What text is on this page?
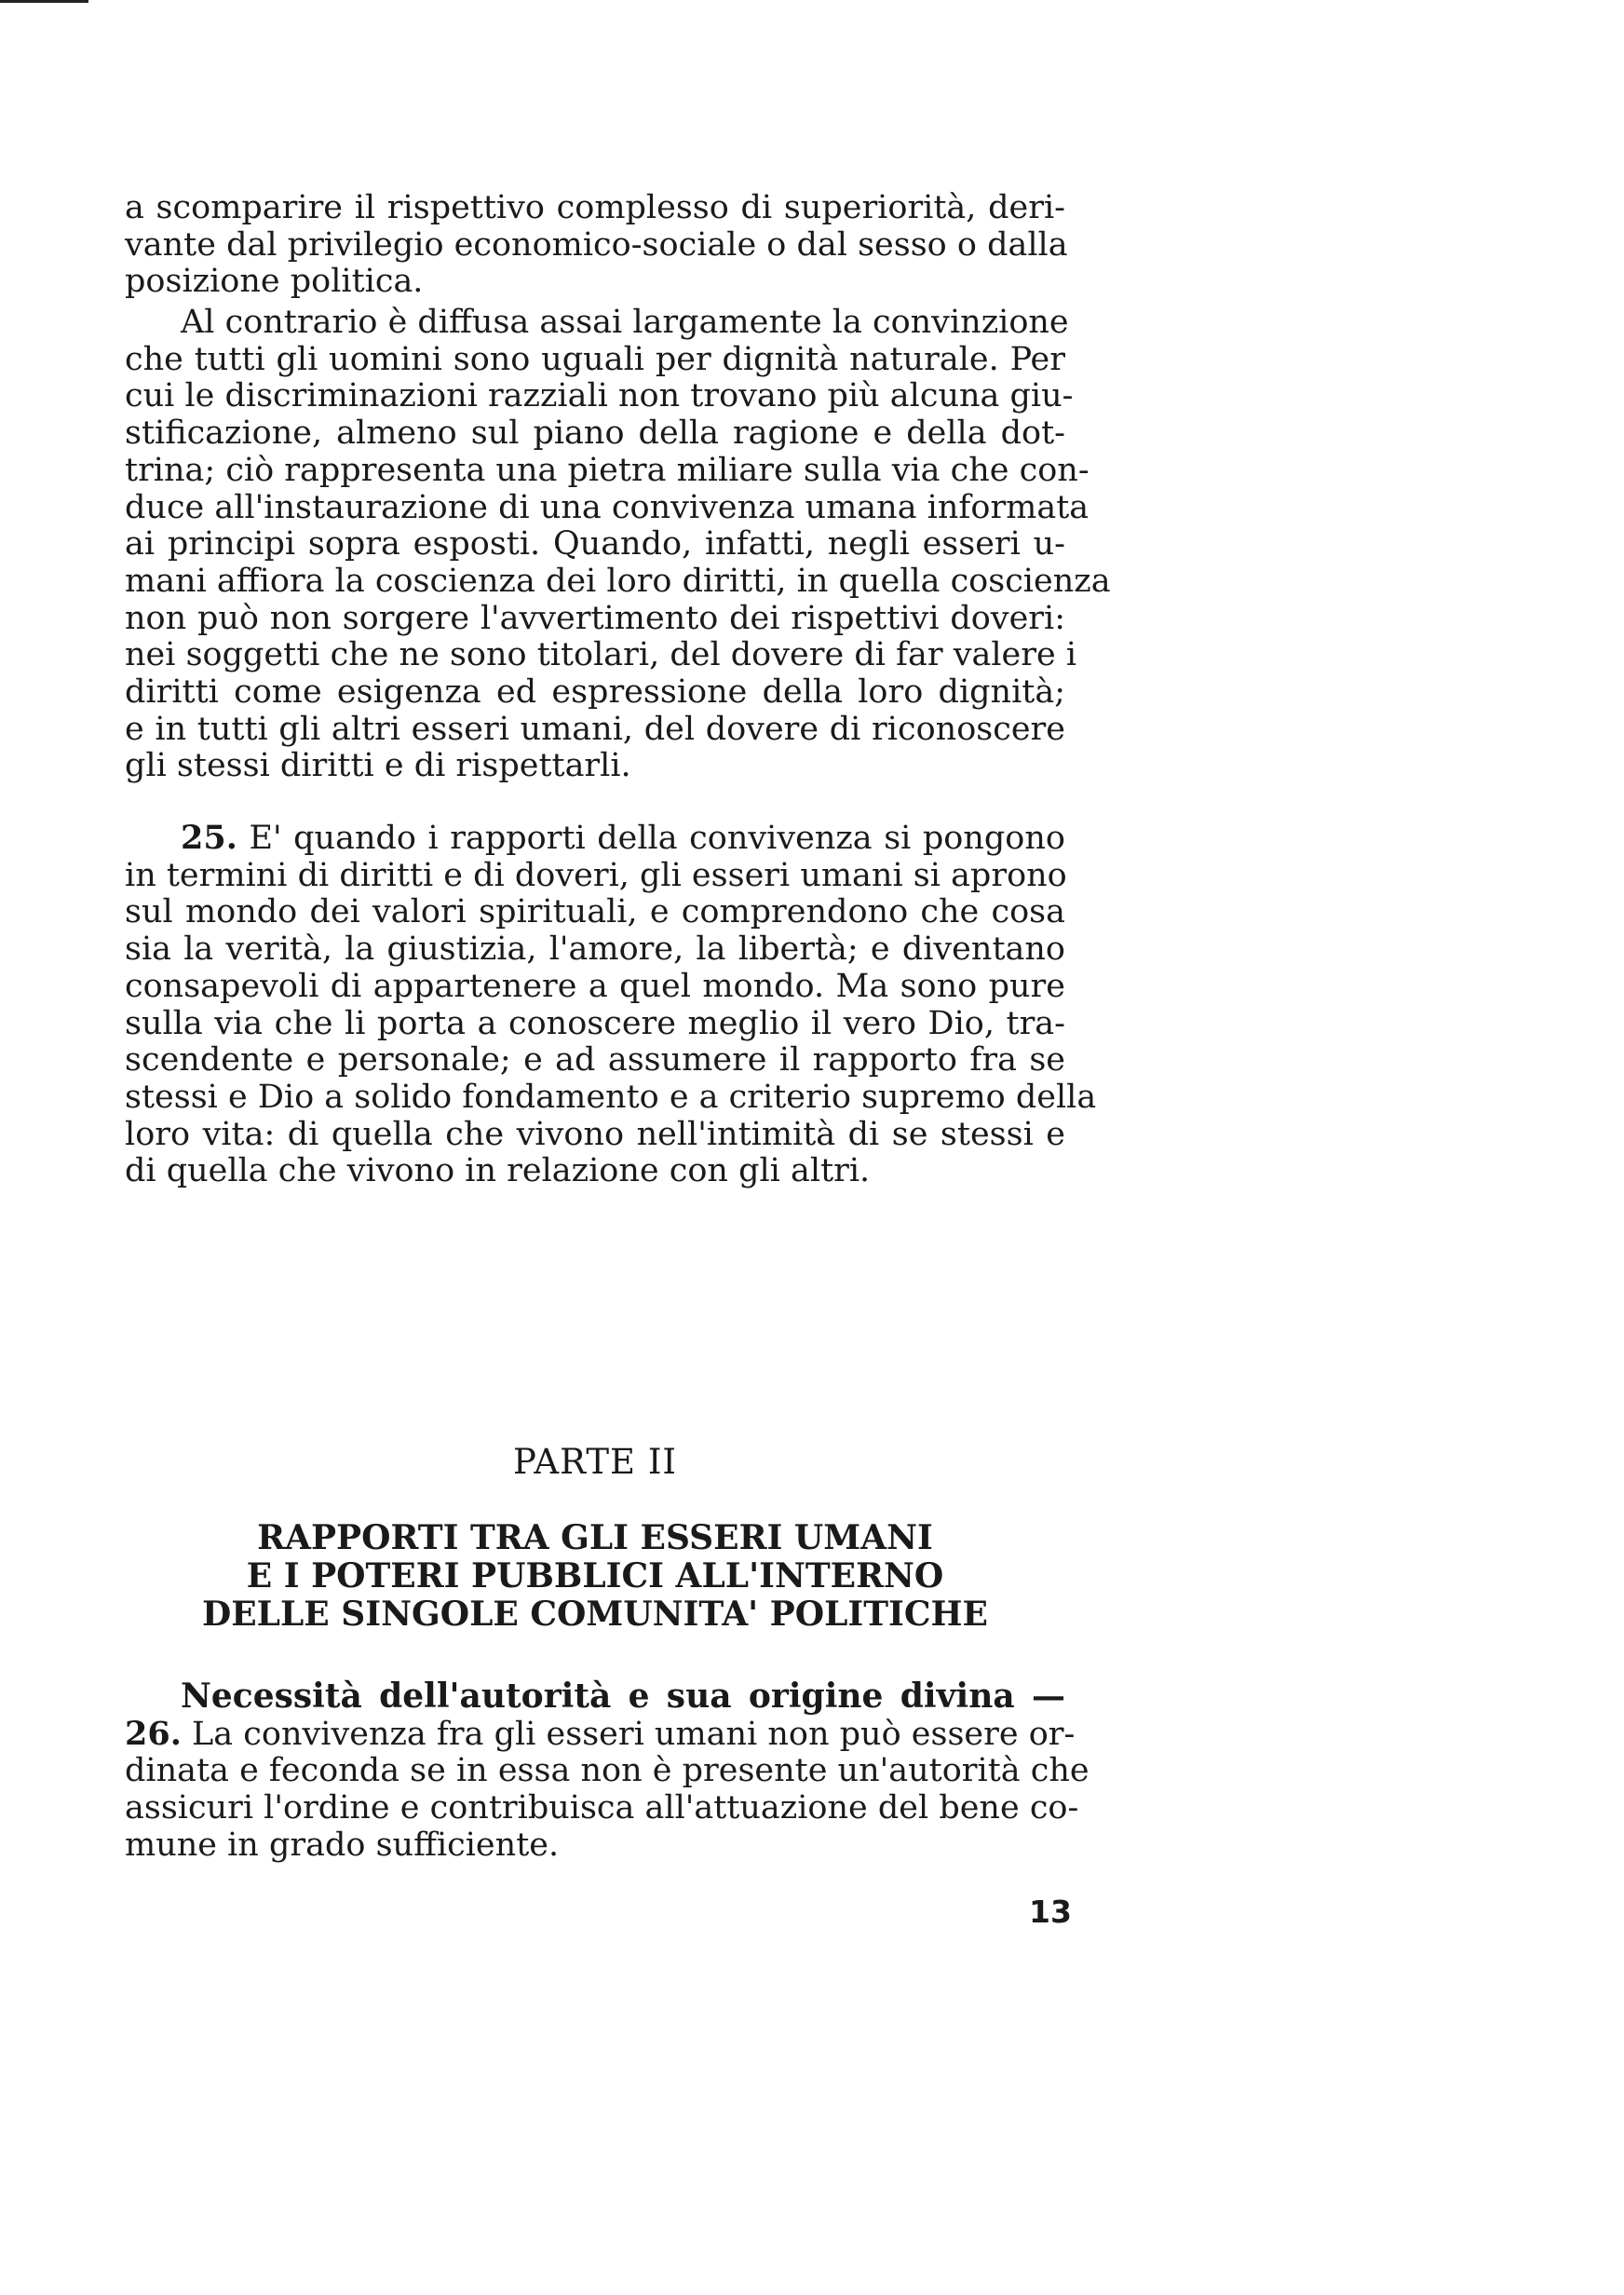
a scomparire il rispettivo complesso di superiorità, deri-
vante dal privilegio economico-sociale o dal sesso o dalla
posizione politica.
Al contrario è diffusa assai largamente la convinzione
che tutti gli uomini sono uguali per dignità naturale. Per
cui le discriminazioni razziali non trovano più alcuna giu-
stificazione, almeno sul piano della ragione e della dot-
trina; ciò rappresenta una pietra miliare sulla via che con-
duce all'instaurazione di una convivenza umana informata
ai principi sopra esposti. Quando, infatti, negli esseri u-
mani affiora la coscienza dei loro diritti, in quella coscienza
non può non sorgere l'avvertimento dei rispettivi doveri:
nei soggetti che ne sono titolari, del dovere di far valere i
diritti come esigenza ed espressione della loro dignità;
e in tutti gli altri esseri umani, del dovere di riconoscere
gli stessi diritti e di rispettarli.
25. E' quando i rapporti della convivenza si pongono
in termini di diritti e di doveri, gli esseri umani si aprono
sul mondo dei valori spirituali, e comprendono che cosa
sia la verità, la giustizia, l'amore, la libertà; e diventano
consapevoli di appartenere a quel mondo. Ma sono pure
sulla via che li porta a conoscere meglio il vero Dio, tra-
scendente e personale; e ad assumere il rapporto fra se
stessi e Dio a solido fondamento e a criterio supremo della
loro vita: di quella che vivono nell'intimità di se stessi e
di quella che vivono in relazione con gli altri.
PARTE II
RAPPORTI TRA GLI ESSERI UMANI
E I POTERI PUBBLICI ALL'INTERNO
DELLE SINGOLE COMUNITA' POLITICHE
Necessità dell'autorità e sua origine divina —
26. La convivenza fra gli esseri umani non può essere or-
dinata e feconda se in essa non è presente un'autorità che
assicuri l'ordine e contribuisca all'attuazione del bene co-
mune in grado sufficiente.
13
